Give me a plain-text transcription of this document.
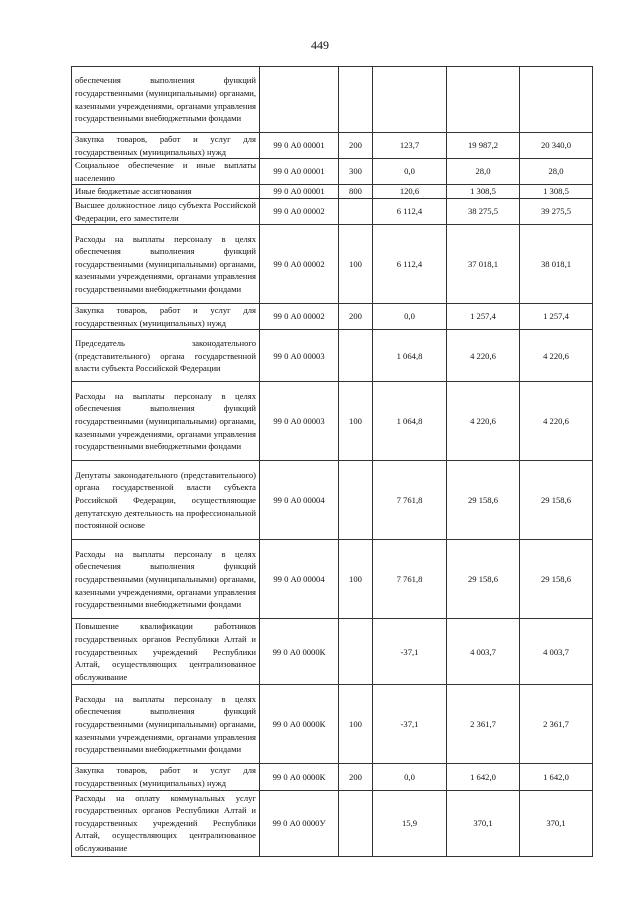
449
обеспечения выполнения функций государственными (муниципальными) органами, казенными учреждениями, органами управления государственными внебюджетными фондами					
Закупка товаров, работ и услуг для государственных (муниципальных) нужд	99 0 А0 00001	200	123,7	19 987,2	20 340,0
Социальное обеспечение и иные выплаты населению	99 0 А0 00001	300	0,0	28,0	28,0
Иные бюджетные ассигнования	99 0 А0 00001	800	120,6	1 308,5	1 308,5
Высшее должностное лицо субъекта Российской Федерации, его заместители	99 0 А0 00002		6 112,4	38 275,5	39 275,5
Расходы на выплаты персоналу в целях обеспечения выполнения функций государственными (муниципальными) органами, казенными учреждениями, органами управления государственными внебюджетными фондами	99 0 А0 00002	100	6 112,4	37 018,1	38 018,1
Закупка товаров, работ и услуг для государственных (муниципальных) нужд	99 0 А0 00002	200	0,0	1 257,4	1 257,4
Председатель законодательного (представительного) органа государственной власти субъекта Российской Федерации	99 0 А0 00003		1 064,8	4 220,6	4 220,6
Расходы на выплаты персоналу в целях обеспечения выполнения функций государственными (муниципальными) органами, казенными учреждениями, органами управления государственными внебюджетными фондами	99 0 А0 00003	100	1 064,8	4 220,6	4 220,6
Депутаты законодательного (представительного) органа государственной власти субъекта Российской Федерации, осуществляющие депутатскую деятельность на профессиональной постоянной основе	99 0 А0 00004		7 761,8	29 158,6	29 158,6
Расходы на выплаты персоналу в целях обеспечения выполнения функций государственными (муниципальными) органами, казенными учреждениями, органами управления государственными внебюджетными фондами	99 0 А0 00004	100	7 761,8	29 158,6	29 158,6
Повышение квалификации работников государственных органов Республики Алтай и государственных учреждений Республики Алтай, осуществляющих централизованное обслуживание	99 0 А0 0000К		-37,1	4 003,7	4 003,7
Расходы на выплаты персоналу в целях обеспечения выполнения функций государственными (муниципальными) органами, казенными учреждениями, органами управления государственными внебюджетными фондами	99 0 А0 0000К	100	-37,1	2 361,7	2 361,7
Закупка товаров, работ и услуг для государственных (муниципальных) нужд	99 0 А0 0000К	200	0,0	1 642,0	1 642,0
Расходы на оплату коммунальных услуг государственных органов Республики Алтай и государственных учреждений Республики Алтай, осуществляющих централизованное обслуживание	99 0 А0 0000У		15,9	370,1	370,1
